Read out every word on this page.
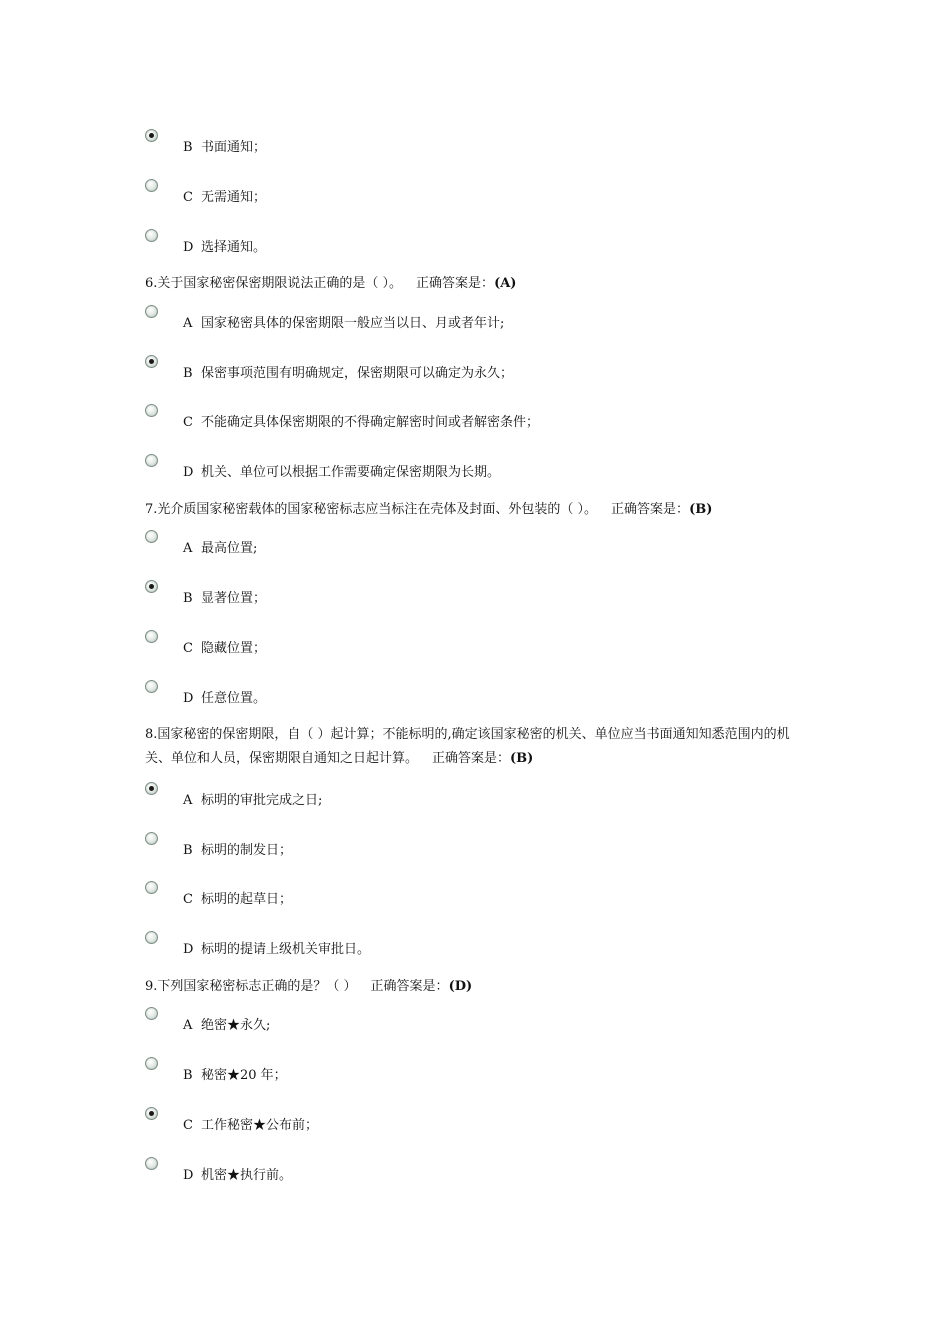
B 书面通知；
C 无需通知；
D 选择通知。
6.关于国家秘密保密期限说法正确的是（ ）。 正确答案是：(A)
A 国家秘密具体的保密期限一般应当以日、月或者年计;
B 保密事项范围有明确规定，保密期限可以确定为永久；
C 不能确定具体保密期限的不得确定解密时间或者解密条件；
D 机关、单位可以根据工作需要确定保密期限为长期。
7.光介质国家秘密载体的国家秘密标志应当标注在壳体及封面、外包装的（ ）。 正确答案是：(B)
A 最高位置;
B 显著位置；
C 隐藏位置；
D 任意位置。
8.国家秘密的保密期限，自（ ）起计算；不能标明的,确定该国家秘密的机关、单位应当书面通知知悉范围内的机关、单位和人员，保密期限自通知之日起计算。 正确答案是：(B)
A 标明的审批完成之日;
B 标明的制发日；
C 标明的起草日；
D 标明的提请上级机关审批日。
9.下列国家秘密标志正确的是？（ ） 正确答案是：(D)
A 绝密★永久;
B 秘密★20 年；
C 工作秘密★公布前；
D 机密★执行前。
